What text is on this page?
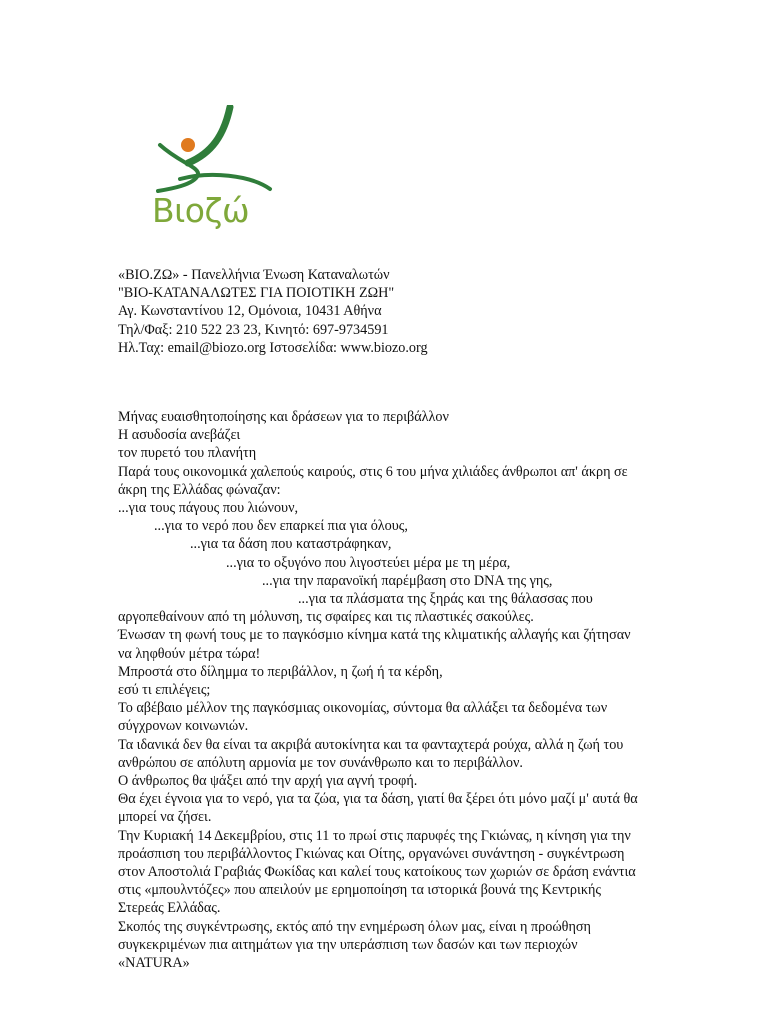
Βιοζώ
«ΒΙΟ.ΖΩ» - Πανελλήνια Ένωση Καταναλωτών
"ΒΙΟ-ΚΑΤΑΝΑΛΩΤΕΣ ΓΙΑ ΠΟΙΟΤΙΚΗ ΖΩΗ"
Αγ. Κωνσταντίνου 12, Ομόνοια, 10431 Αθήνα
Τηλ/Φαξ: 210 522 23 23, Κινητό: 697-9734591
Ηλ.Ταχ: email@biozo.org Ιστοσελίδα: www.biozo.org
Μήνας ευαισθητοποίησης και δράσεων για το περιβάλλον
Η ασυδοσία ανεβάζει
τον πυρετό του πλανήτη
Παρά τους οικονομικά χαλεπούς καιρούς, στις 6 του μήνα χιλιάδες άνθρωποι απ' άκρη σε άκρη της Ελλάδας φώναζαν:
...για τους πάγους που λιώνουν,
...για το νερό που δεν επαρκεί πια για όλους,
...για τα δάση που καταστράφηκαν,
...για το οξυγόνο που λιγοστεύει μέρα με τη μέρα,
...για την παρανοϊκή παρέμβαση στο DNA της γης,
...για τα πλάσματα της ξηράς και της θάλασσας που
αργοπεθαίνουν από τη μόλυνση, τις σφαίρες και τις πλαστικές σακούλες.
Ένωσαν τη φωνή τους με το παγκόσμιο κίνημα κατά της κλιματικής αλλαγής και ζήτησαν να ληφθούν μέτρα τώρα!
Μπροστά στο δίλημμα το περιβάλλον, η ζωή ή τα κέρδη,
εσύ τι επιλέγεις;
Το αβέβαιο μέλλον της παγκόσμιας οικονομίας, σύντομα θα αλλάξει τα δεδομένα των σύγχρονων κοινωνιών.
Τα ιδανικά δεν θα είναι τα ακριβά αυτοκίνητα και τα φανταχτερά ρούχα, αλλά η ζωή του ανθρώπου σε απόλυτη αρμονία με τον συνάνθρωπο και το περιβάλλον.
Ο άνθρωπος θα ψάξει από την αρχή για αγνή τροφή.
Θα έχει έγνοια για το νερό, για τα ζώα, για τα δάση, γιατί θα ξέρει ότι μόνο μαζί μ' αυτά θα μπορεί να ζήσει.
Την Κυριακή 14 Δεκεμβρίου, στις 11 το πρωί στις παρυφές της Γκιώνας, η κίνηση για την προάσπιση του περιβάλλοντος Γκιώνας και Οίτης, οργανώνει συνάντηση - συγκέντρωση στον Αποστολιά Γραβιάς Φωκίδας και καλεί τους κατοίκους των χωριών σε δράση ενάντια στις «μπουλντόζες» που απειλούν με ερημοποίηση τα ιστορικά βουνά της Κεντρικής Στερεάς Ελλάδας.
Σκοπός της συγκέντρωσης, εκτός από την ενημέρωση όλων μας, είναι η προώθηση συγκεκριμένων πια αιτημάτων για την υπεράσπιση των δασών και των περιοχών «NATURA»
